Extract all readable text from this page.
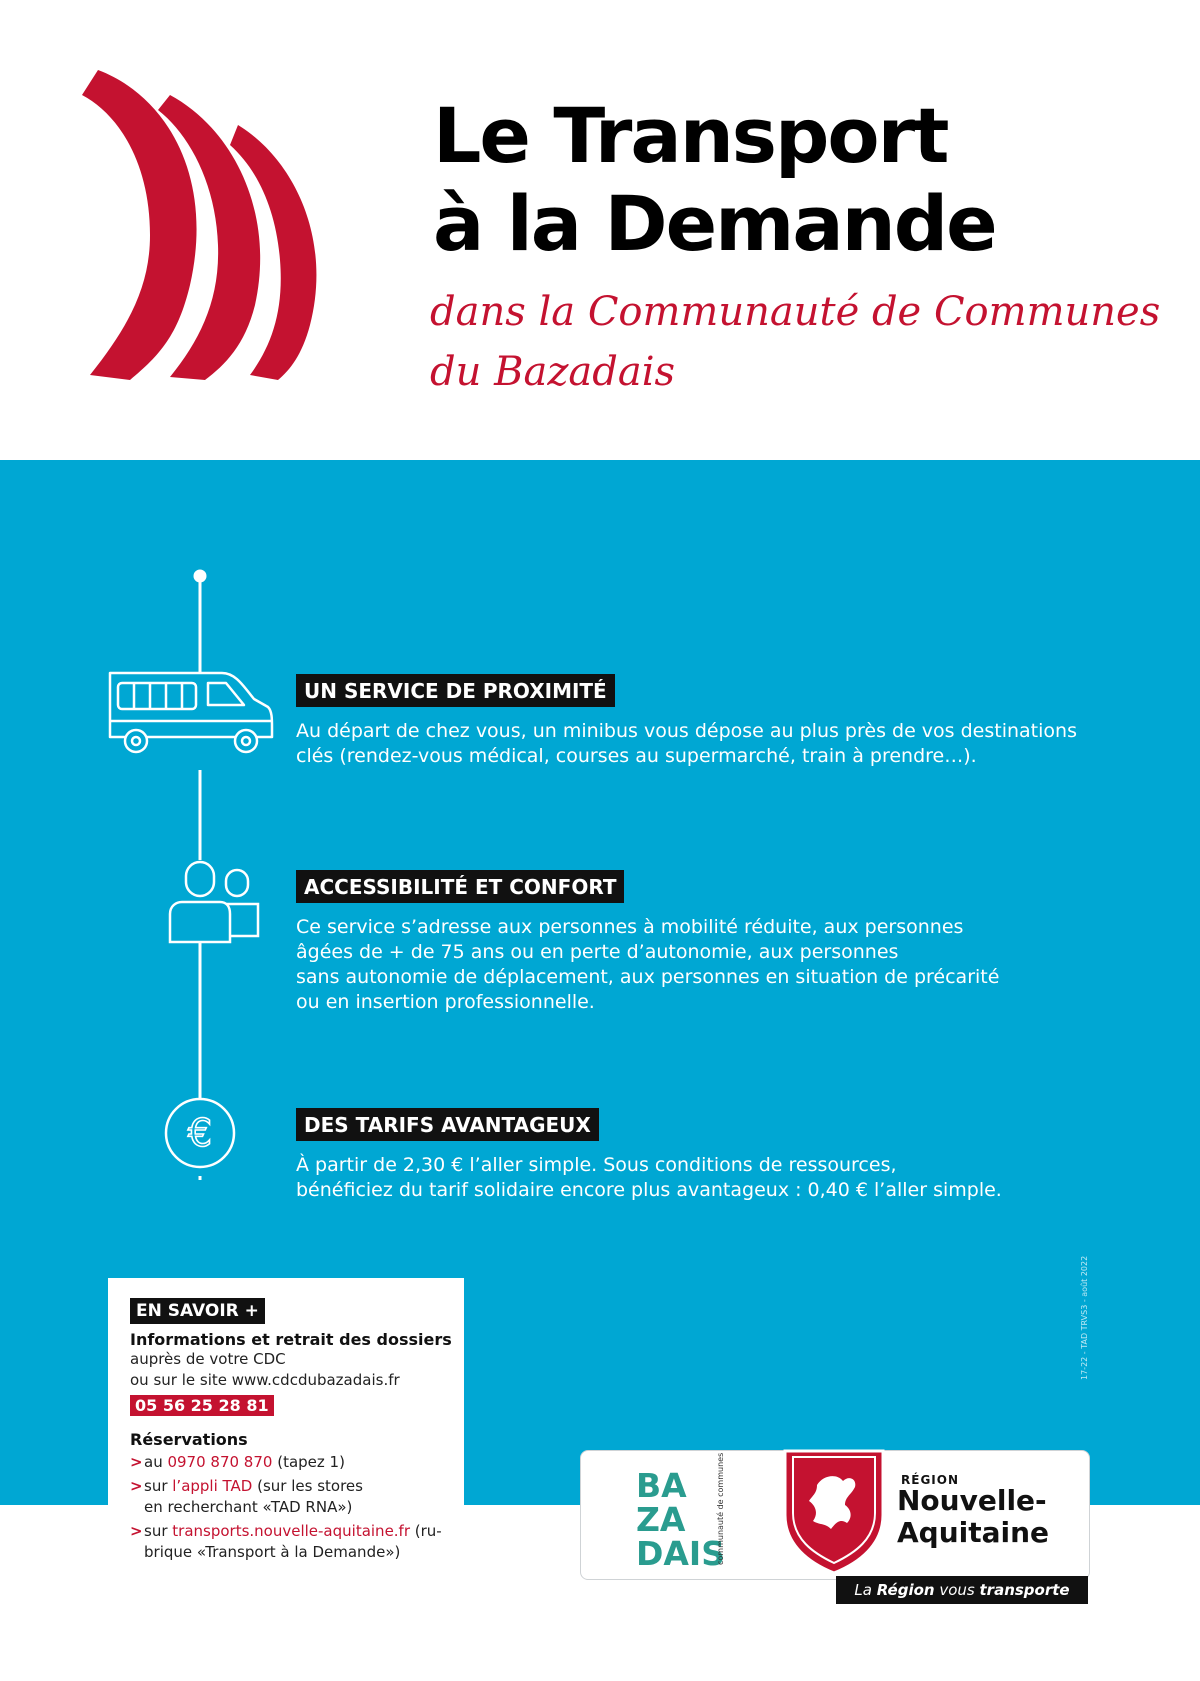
Le Transport
à la Demande
dans la Communauté de Communes
du Bazadais
€
UN SERVICE DE PROXIMITÉ
Au départ de chez vous, un minibus vous dépose au plus près de vos destinations
clés (rendez-vous médical, courses au supermarché, train à prendre…).
ACCESSIBILITÉ ET CONFORT
Ce service s’adresse aux personnes à mobilité réduite, aux personnes
âgées de + de 75 ans ou en perte d’autonomie, aux personnes
sans autonomie de déplacement, aux personnes en situation de précarité
ou en insertion professionnelle.
DES TARIFS AVANTAGEUX
À partir de 2,30 € l’aller simple. Sous conditions de ressources,
bénéficiez du tarif solidaire encore plus avantageux : 0,40 € l’aller simple.
17-22 - TAD TRVS3 - août 2022
EN SAVOIR +
Informations et retrait des dossiers
auprès de votre CDC
ou sur le site www.cdcdubazadais.fr
05 56 25 28 81
Réservations
> au 0970 870 870 (tapez 1)
> sur l’appli TAD (sur les stores
en recherchant «TAD RNA»)
> sur transports.nouvelle-aquitaine.fr (ru-
brique «Transport à la Demande»)
BA
ZA
DAIS
communauté de communes	RÉGION
Nouvelle-
Aquitaine
La Région vous transporte
